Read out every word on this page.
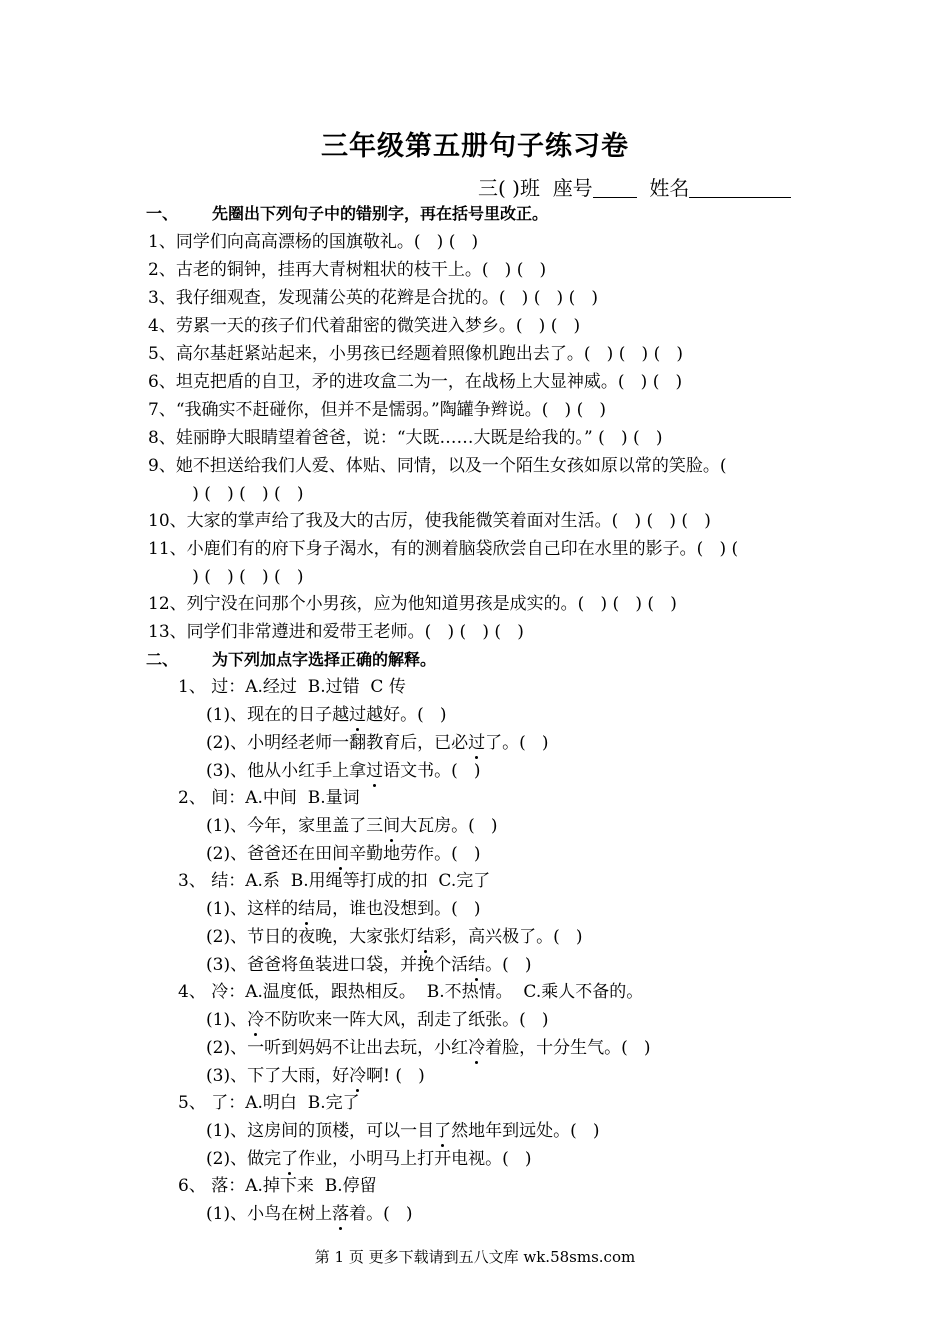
三年级第五册句子练习卷
三( )班 座号	姓名
一、 先圈出下列句子中的错别字，再在括号里改正。
1、同学们向高高漂杨的国旗敬礼。(   ) (   )
2、古老的铜钟，挂再大青树粗状的枝干上。(   ) (   )
3、我仔细观查，发现蒲公英的花辫是合扰的。(   ) (   ) (   )
4、劳累一天的孩子们代着甜密的微笑进入梦乡。(   ) (   )
5、高尔基赶紧站起来，小男孩已经题着照像机跑出去了。(   ) (   ) (   )
6、坦克把盾的自卫，矛的进攻盒二为一，在战杨上大显神威。(   ) (   )
7、“我确实不赶碰你，但并不是懦弱。”陶罐争辫说。(   ) (   )
8、娃丽睁大眼睛望着爸爸，说：“大既……大既是给我的。” (   ) (   )
9、她不担送给我们人爱、体贴、同情，以及一个陌生女孩如原以常的笑脸。(
) (   ) (   ) (   )
10、大家的掌声给了我及大的古厉，使我能微笑着面对生活。(   ) (   ) (   )
11、小鹿们有的府下身子渴水，有的测着脑袋欣尝自己印在水里的影子。(   ) (
) (   ) (   ) (   )
12、列宁没在问那个小男孩，应为他知道男孩是成实的。(   ) (   ) (   )
13、同学们非常遵进和爱带王老师。(   ) (   ) (   )
二、 为下列加点字选择正确的解释。
1、 过：A.经过  B.过错  C 传
(1)、现在的日子越过越好。(   )
(2)、小明经老师一翻教育后，已必过了。(   )
(3)、他从小红手上拿过语文书。(   )
2、 间：A.中间  B.量词
(1)、今年，家里盖了三间大瓦房。(   )
(2)、爸爸还在田间辛勤地劳作。(   )
3、 结：A.系  B.用绳等打成的扣  C.完了
(1)、这样的结局，谁也没想到。(   )
(2)、节日的夜晚，大家张灯结彩，高兴极了。(   )
(3)、爸爸将鱼装进口袋，并挽个活结。(   )
4、 冷：A.温度低，跟热相反。  B.不热情。  C.乘人不备的。
(1)、冷不防吹来一阵大风，刮走了纸张。(   )
(2)、一听到妈妈不让出去玩，小红冷着脸，十分生气。(   )
(3)、下了大雨，好冷啊! (   )
5、 了：A.明白  B.完了
(1)、这房间的顶楼，可以一目了然地年到远处。(   )
(2)、做完了作业，小明马上打开电视。(   )
6、 落：A.掉下来  B.停留
(1)、小鸟在树上落着。(   )
第 1 页 更多下载请到五八文库 wk.58sms.com
